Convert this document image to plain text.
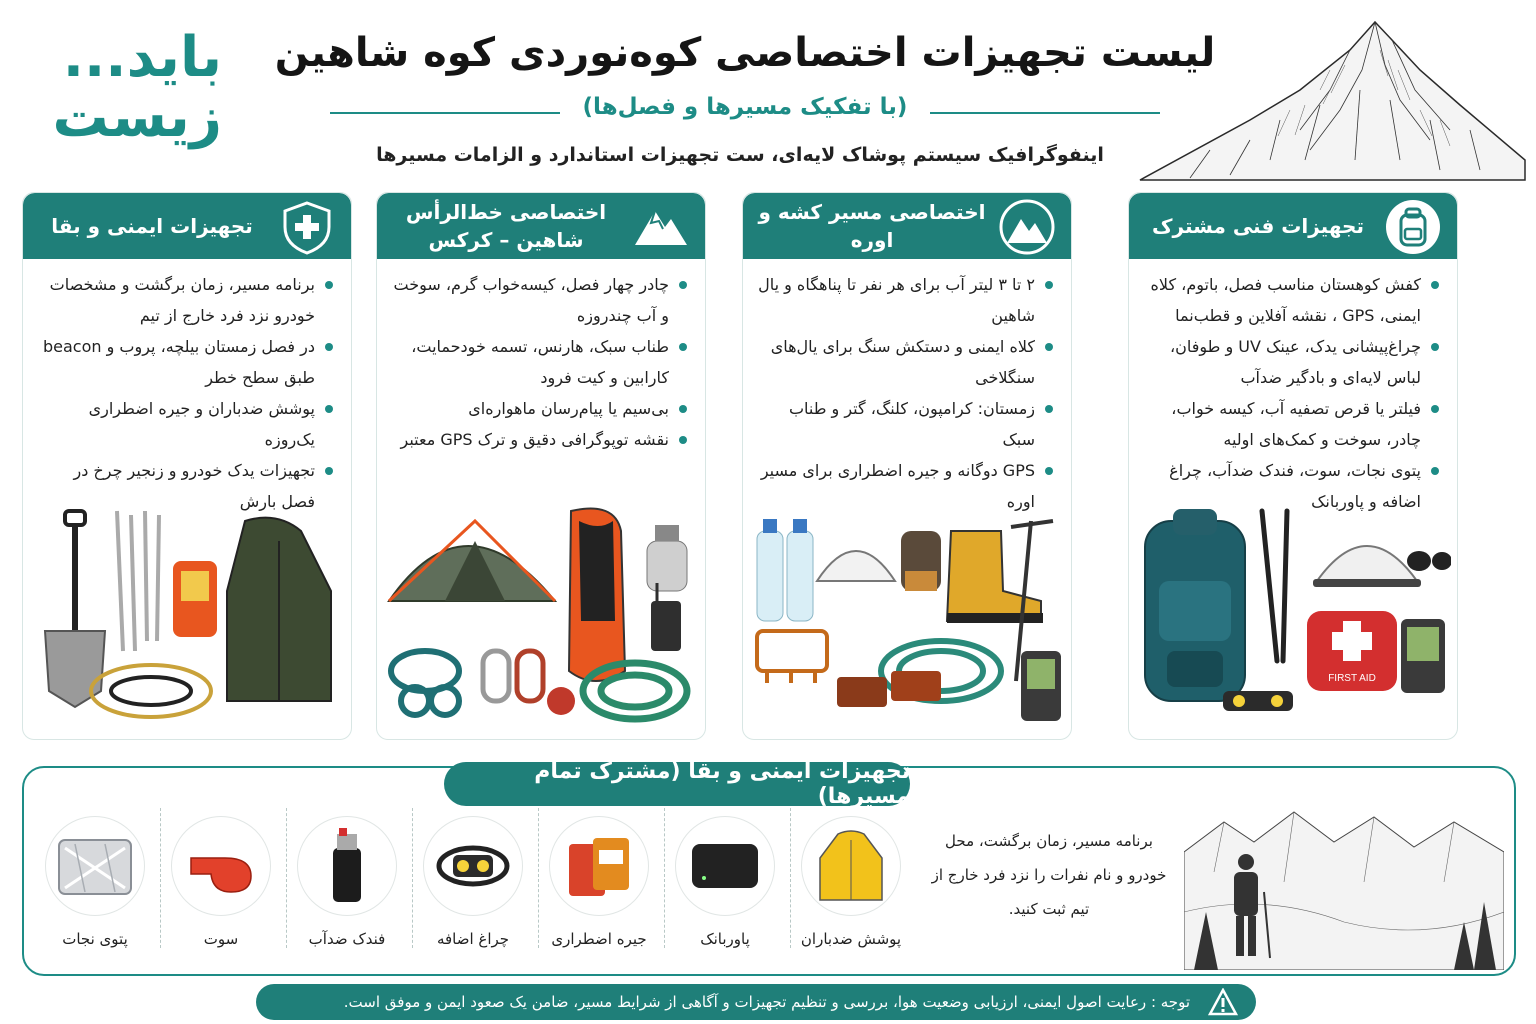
باید...
زیست
لیست تجهیزات اختصاصی کوه‌نوردی کوه شاهین
(با تفکیک مسیرها و فصل‌ها)
اینفوگرافیک سیستم پوشاک لایه‌ای، ست تجهیزات استاندارد و الزامات مسیرها
تجهیزات فنی مشترک
کفش کوهستان مناسب فصل، باتوم، کلاه ایمنی، GPS ، نقشه آفلاین و قطب‌نما
چراغ‌پیشانی یدک، عینک UV و طوفان، لباس لایه‌ای و بادگیر ضدآب
فیلتر یا قرص تصفیه آب، کیسه خواب، چادر، سوخت و کمک‌های اولیه
پتوی نجات، سوت، فندک ضدآب، چراغ اضافه و پاوربانک
FIRST AID
اختصاصی مسیر کشه و اوره
۲ تا ۳ لیتر آب برای هر نفر تا پناهگاه و یال شاهین
کلاه ایمنی و دستکش سنگ برای یال‌های سنگلاخی
زمستان: کرامپون، کلنگ، گتر و طناب سبک
GPS دوگانه و جیره اضطراری برای مسیر اوره
اختصاصی خط‌الرأس شاهین – کرکس
چادر چهار فصل، کیسه‌خواب گرم، سوخت و آب چندروزه
طناب سبک، هارنس، تسمه خودحمایت، کارابین و کیت فرود
بی‌سیم یا پیام‌رسان ماهواره‌ای
نقشه توپوگرافی دقیق و ترک GPS معتبر
تجهیزات ایمنی و بقا
برنامه مسیر، زمان برگشت و مشخصات خودرو نزد فرد خارج از تیم
در فصل زمستان بیلچه، پروب و beacon طبق سطح خطر
پوشش ضدباران و جیره اضطراری یک‌روزه
تجهیزات یدک خودرو و زنجیر چرخ در فصل بارش
تجهیزات ایمنی و بقا (مشترک تمام مسیرها)
برنامه مسیر، زمان برگشت، محل خودرو و نام نفرات را نزد فرد خارج از تیم ثبت کنید.
پوشش ضدباران
پاوربانک
جیره اضطراری
چراغ اضافه
فندک ضدآب
سوت
پتوی نجات
توجه : رعایت اصول ایمنی، ارزیابی وضعیت هوا، بررسی و تنظیم تجهیزات و آگاهی از شرایط مسیر، ضامن یک صعود ایمن و موفق است.
